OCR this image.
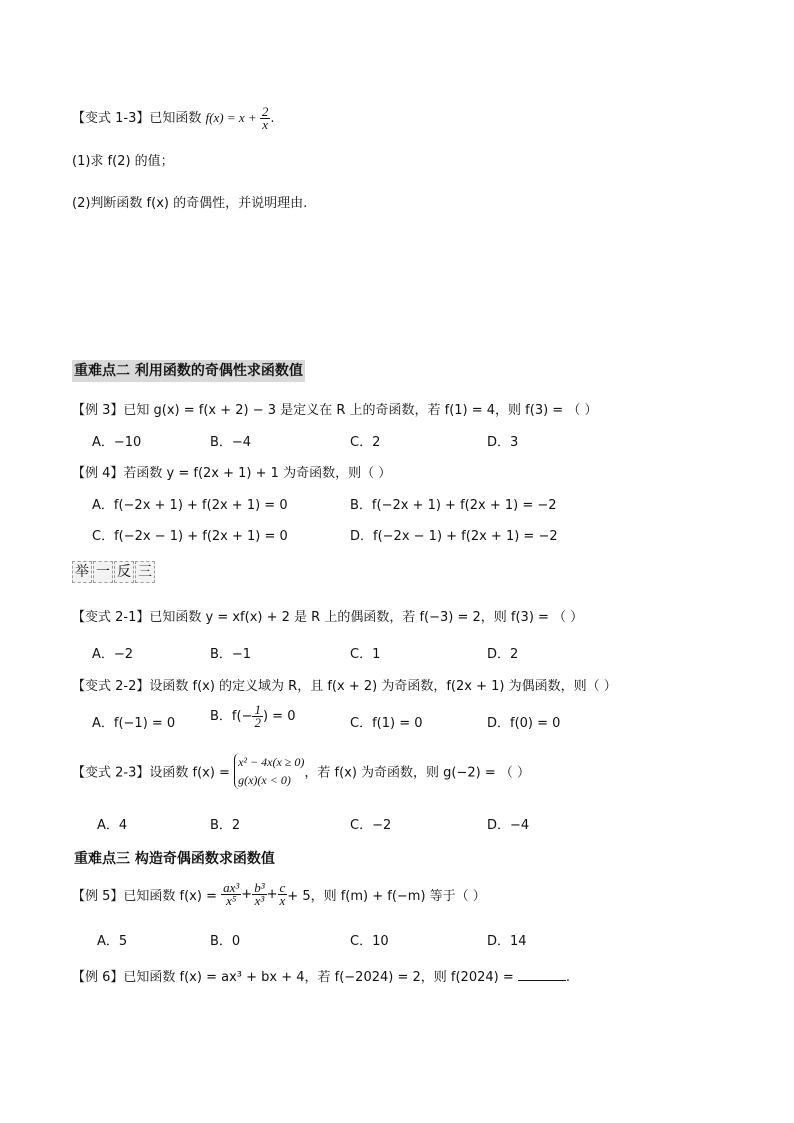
【变式 1-3】已知函数 $f(x) = x + \frac{2}{x}$ .
(1)求 f(2) 的值；
(2)判断函数 f(x) 的奇偶性，并说明理由.
重难点二 利用函数的奇偶性求函数值
【例 3】已知 g(x) = f(x + 2) − 3 是定义在 R 上的奇函数，若 f(1) = 4，则 f(3) = （ ）
A．−10	B．−4	C．2	D．3
【例 4】若函数 y = f(2x + 1) + 1 为奇函数，则（ ）
A．f(−2x + 1) + f(2x + 1) = 0	B．f(−2x + 1) + f(2x + 1) = −2
C．f(−2x − 1) + f(2x + 1) = 0	D．f(−2x − 1) + f(2x + 1) = −2
举 一 反 三
【变式 2-1】已知函数 y = xf(x) + 2 是 R 上的偶函数，若 f(−3) = 2，则 f(3) = （ ）
A．−2	B．−1	C．1	D．2
【变式 2-2】设函数 f(x) 的定义域为 R，且 f(x + 2) 为奇函数，f(2x + 1) 为偶函数，则（ ）
A．f(−1) = 0	B．$f(- \frac{1}{2}$ ) = 0	C．f(1) = 0	D．f(0) = 0
【变式 2-3】设函数 f(x) =
x² − 4x(x ≥ 0)
g(x)(x < 0)	，若 f(x) 为奇函数，则 g(−2) = （ ）
A．4	B．2	C．−2	D．−4
重难点三 构造奇偶函数求函数值
【例 5】已知函数 $f(x) = \frac{\text{ax³}}{\text{x⁵}} + \frac{\text{b³}}{\text{x³}} + \frac{c}{x} + 5$，则 f(m) + f(−m) 等于（ ）
A．5	B．0	C．10	D．14
【例 6】已知函数 f(x) = ax³ + bx + 4，若 f(−2024) = 2，则 f(2024) =	.
